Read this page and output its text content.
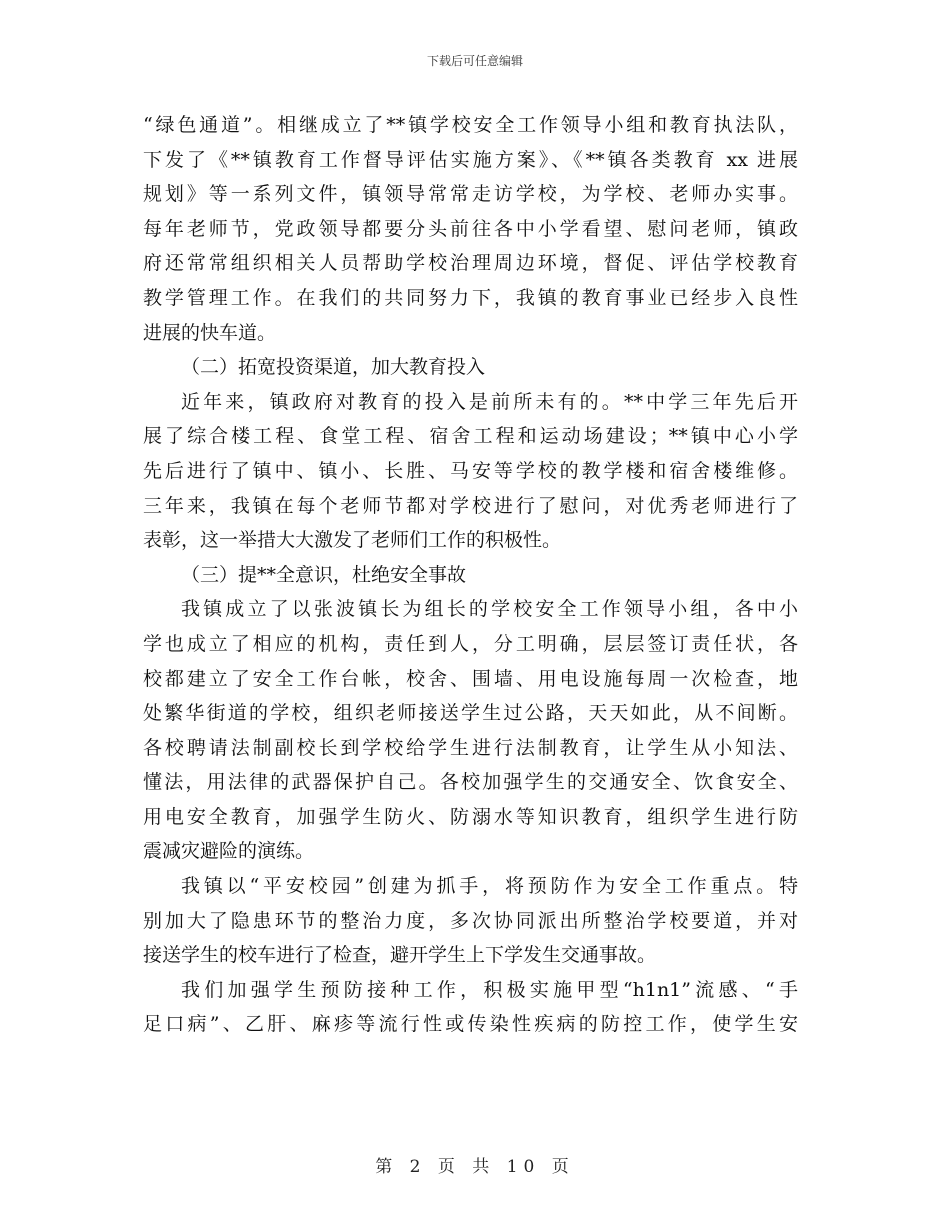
下载后可任意编辑
“绿色通道”。相继成立了**镇学校安全工作领导小组和教育执法队，
下发了《**镇教育工作督导评估实施方案》、《**镇各类教育 xx 进展
规划》等一系列文件，镇领导常常走访学校，为学校、老师办实事。
每年老师节，党政领导都要分头前往各中小学看望、慰问老师，镇政
府还常常组织相关人员帮助学校治理周边环境，督促、评估学校教育
教学管理工作。在我们的共同努力下，我镇的教育事业已经步入良性
进展的快车道。
（二）拓宽投资渠道，加大教育投入
近年来，镇政府对教育的投入是前所未有的。**中学三年先后开
展了综合楼工程、食堂工程、宿舍工程和运动场建设；**镇中心小学
先后进行了镇中、镇小、长胜、马安等学校的教学楼和宿舍楼维修。
三年来，我镇在每个老师节都对学校进行了慰问，对优秀老师进行了
表彰，这一举措大大激发了老师们工作的积极性。
（三）提**全意识，杜绝安全事故
我镇成立了以张波镇长为组长的学校安全工作领导小组，各中小
学也成立了相应的机构，责任到人，分工明确，层层签订责任状，各
校都建立了安全工作台帐，校舍、围墙、用电设施每周一次检查，地
处繁华街道的学校，组织老师接送学生过公路，天天如此，从不间断。
各校聘请法制副校长到学校给学生进行法制教育，让学生从小知法、
懂法，用法律的武器保护自己。各校加强学生的交通安全、饮食安全、
用电安全教育，加强学生防火、防溺水等知识教育，组织学生进行防
震减灾避险的演练。
我镇以“平安校园”创建为抓手，将预防作为安全工作重点。特
别加大了隐患环节的整治力度，多次协同派出所整治学校要道，并对
接送学生的校车进行了检查，避开学生上下学发生交通事故。
我们加强学生预防接种工作，积极实施甲型“h1n1”流感、“手
足口病”、乙肝、麻疹等流行性或传染性疾病的防控工作，使学生安
第 2 页 共 10 页
